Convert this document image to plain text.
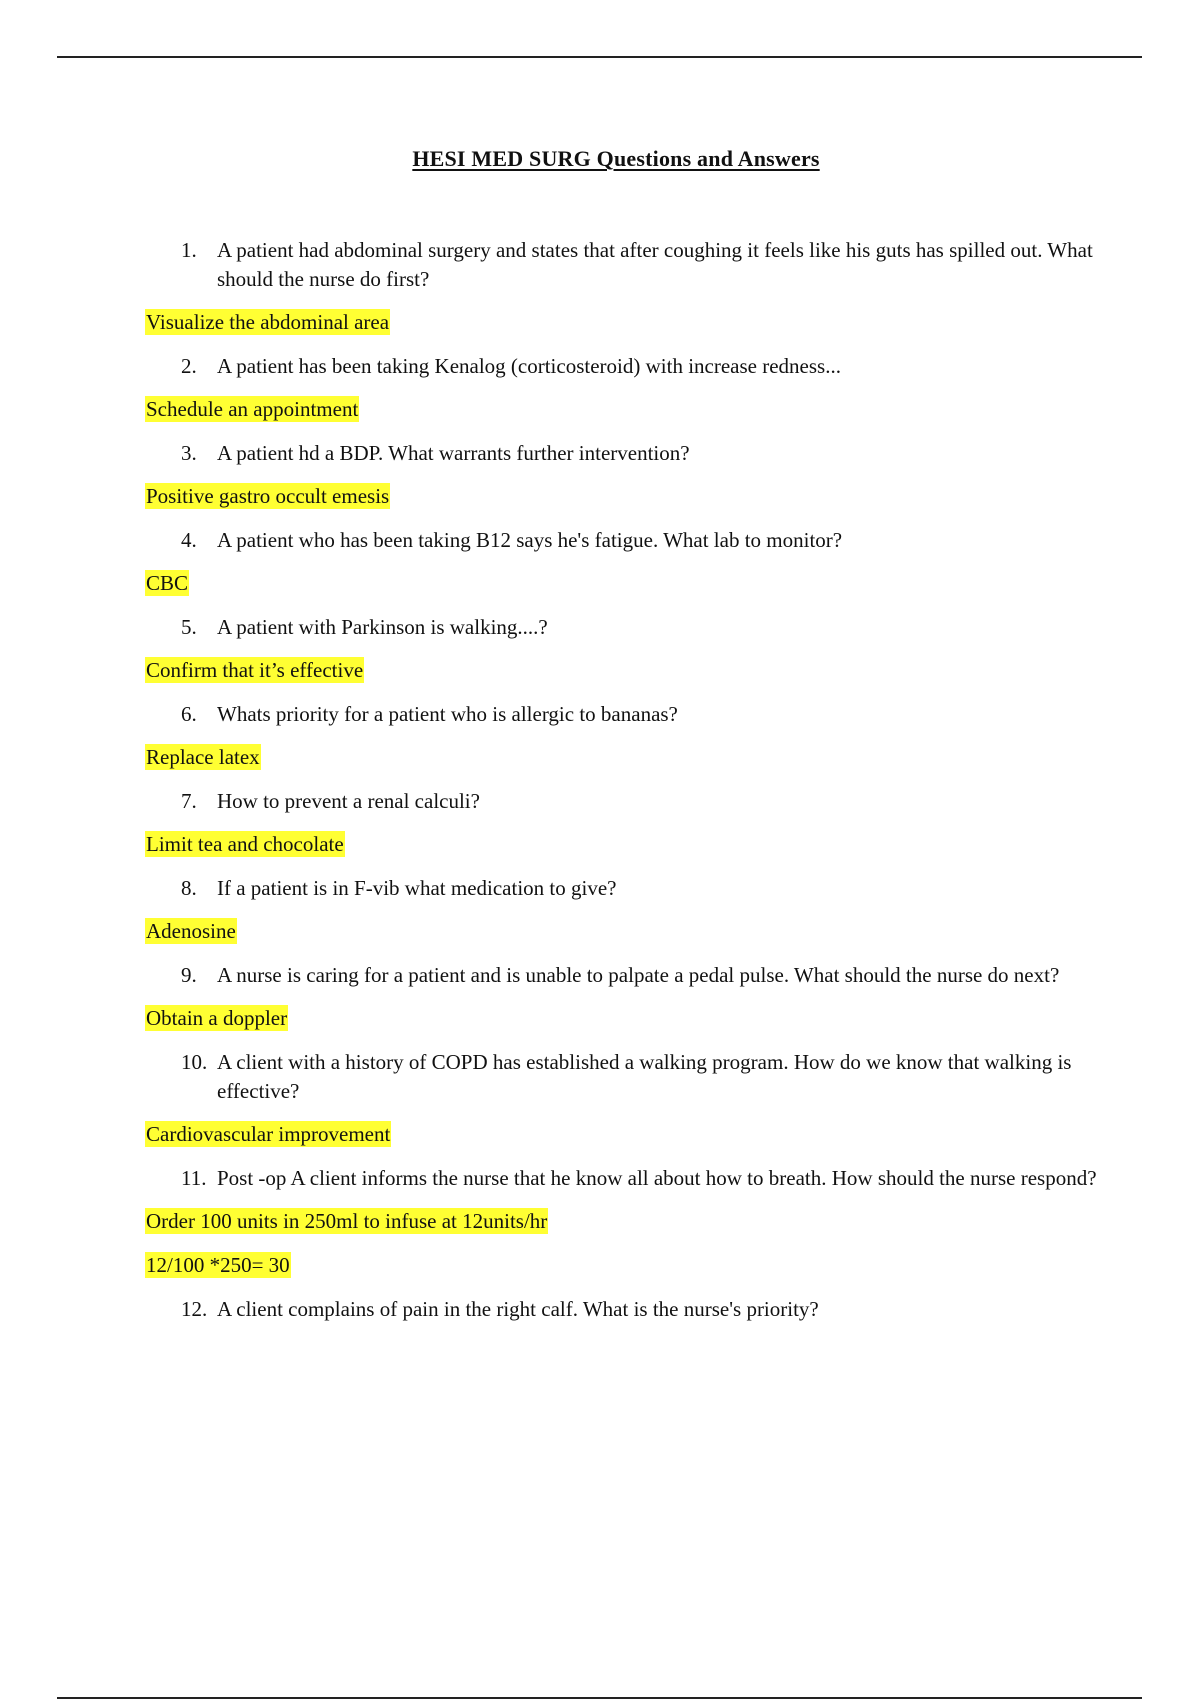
HESI MED SURG Questions and Answers
1. A patient had abdominal surgery and states that after coughing it feels like his guts has spilled out. What should the nurse do first?
Visualize the abdominal area
2. A patient has been taking Kenalog (corticosteroid) with increase redness...
Schedule an appointment
3. A patient hd a BDP. What warrants further intervention?
Positive gastro occult emesis
4. A patient who has been taking B12 says he's fatigue. What lab to monitor?
CBC
5. A patient with Parkinson is walking....?
Confirm that it’s effective
6. Whats priority for a patient who is allergic to bananas?
Replace latex
7. How to prevent a renal calculi?
Limit tea and chocolate
8. If a patient is in F-vib what medication to give?
Adenosine
9. A nurse is caring for a patient and is unable to palpate a pedal pulse. What should the nurse do next?
Obtain a doppler
10. A client with a history of COPD has established a walking program. How do we know that walking is effective?
Cardiovascular improvement
11. Post -op A client informs the nurse that he know all about how to breath. How should the nurse respond?
Order 100 units in 250ml to infuse at 12units/hr
12/100 *250= 30
12. A client complains of pain in the right calf. What is the nurse's priority?
